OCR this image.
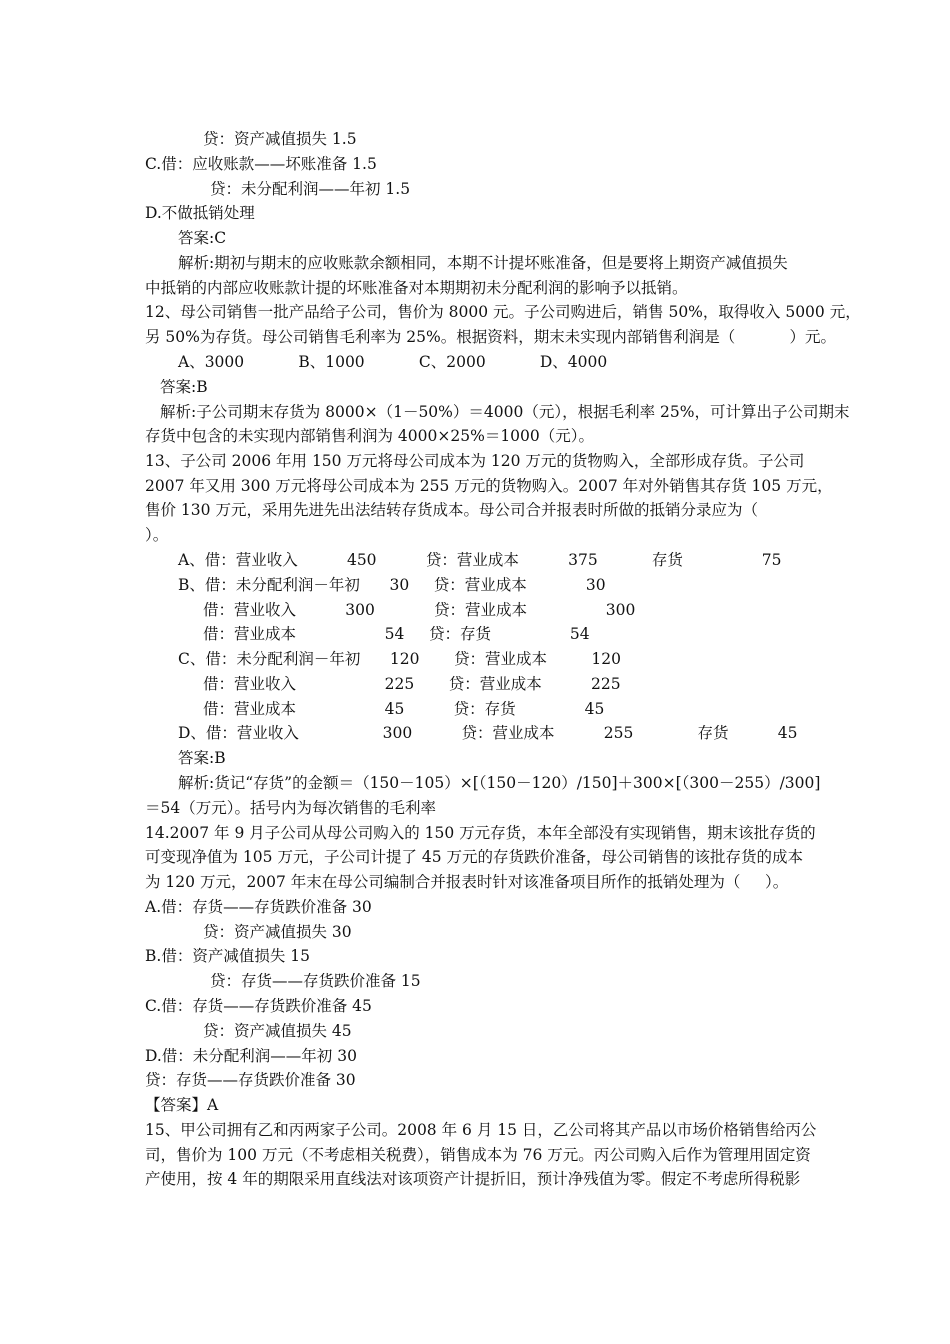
贷：资产减值损失 1.5
C.借：应收账款——坏账准备 1.5
贷：未分配利润——年初 1.5
D.不做抵销处理
答案:C
解析:期初与期末的应收账款余额相同，本期不计提坏账准备，但是要将上期资产减值损失
中抵销的内部应收账款计提的坏账准备对本期期初未分配利润的影响予以抵销。
12、母公司销售一批产品给子公司，售价为 8000 元。子公司购进后，销售 50%，取得收入 5000 元，
另 50%为存货。母公司销售毛利率为 25%。根据资料，期末未实现内部销售利润是（           ）元。
A、3000           B、1000           C、2000           D、4000
答案:B
解析:子公司期末存货为 8000×（1－50%）＝4000（元），根据毛利率 25%，可计算出子公司期末
存货中包含的未实现内部销售利润为 4000×25%＝1000（元）。
13、子公司 2006 年用 150 万元将母公司成本为 120 万元的货物购入，全部形成存货。子公司
2007 年又用 300 万元将母公司成本为 255 万元的货物购入。2007 年对外销售其存货 105 万元，
售价 130 万元，采用先进先出法结转存货成本。母公司合并报表时所做的抵销分录应为（
）。
A、借：营业收入          450          贷：营业成本          375           存货                75
B、借：未分配利润－年初      30     贷：营业成本            30
借：营业收入          300            贷：营业成本                300
借：营业成本                  54     贷：存货                54
C、借：未分配利润－年初      120       贷：营业成本         120
借：营业收入                  225       贷：营业成本          225
借：营业成本                  45          贷：存货              45
D、借：营业收入                 300          贷：营业成本          255             存货          45
答案:B
解析:货记“存货”的金额＝（150－105）×[（150－120）/150]＋300×[（300－255）/300]
＝54（万元）。括号内为每次销售的毛利率
14.2007 年 9 月子公司从母公司购入的 150 万元存货，本年全部没有实现销售，期末该批存货的
可变现净值为 105 万元，子公司计提了 45 万元的存货跌价准备，母公司销售的该批存货的成本
为 120 万元，2007 年末在母公司编制合并报表时针对该准备项目所作的抵销处理为（     ）。
A.借：存货——存货跌价准备 30
贷：资产减值损失 30
B.借：资产减值损失 15
贷：存货——存货跌价准备 15
C.借：存货——存货跌价准备 45
贷：资产减值损失 45
D.借：未分配利润——年初 30
贷：存货——存货跌价准备 30
【答案】A
15、甲公司拥有乙和丙两家子公司。2008 年 6 月 15 日，乙公司将其产品以市场价格销售给丙公
司，售价为 100 万元（不考虑相关税费），销售成本为 76 万元。丙公司购入后作为管理用固定资
产使用，按 4 年的期限采用直线法对该项资产计提折旧，预计净残值为零。假定不考虑所得税影
